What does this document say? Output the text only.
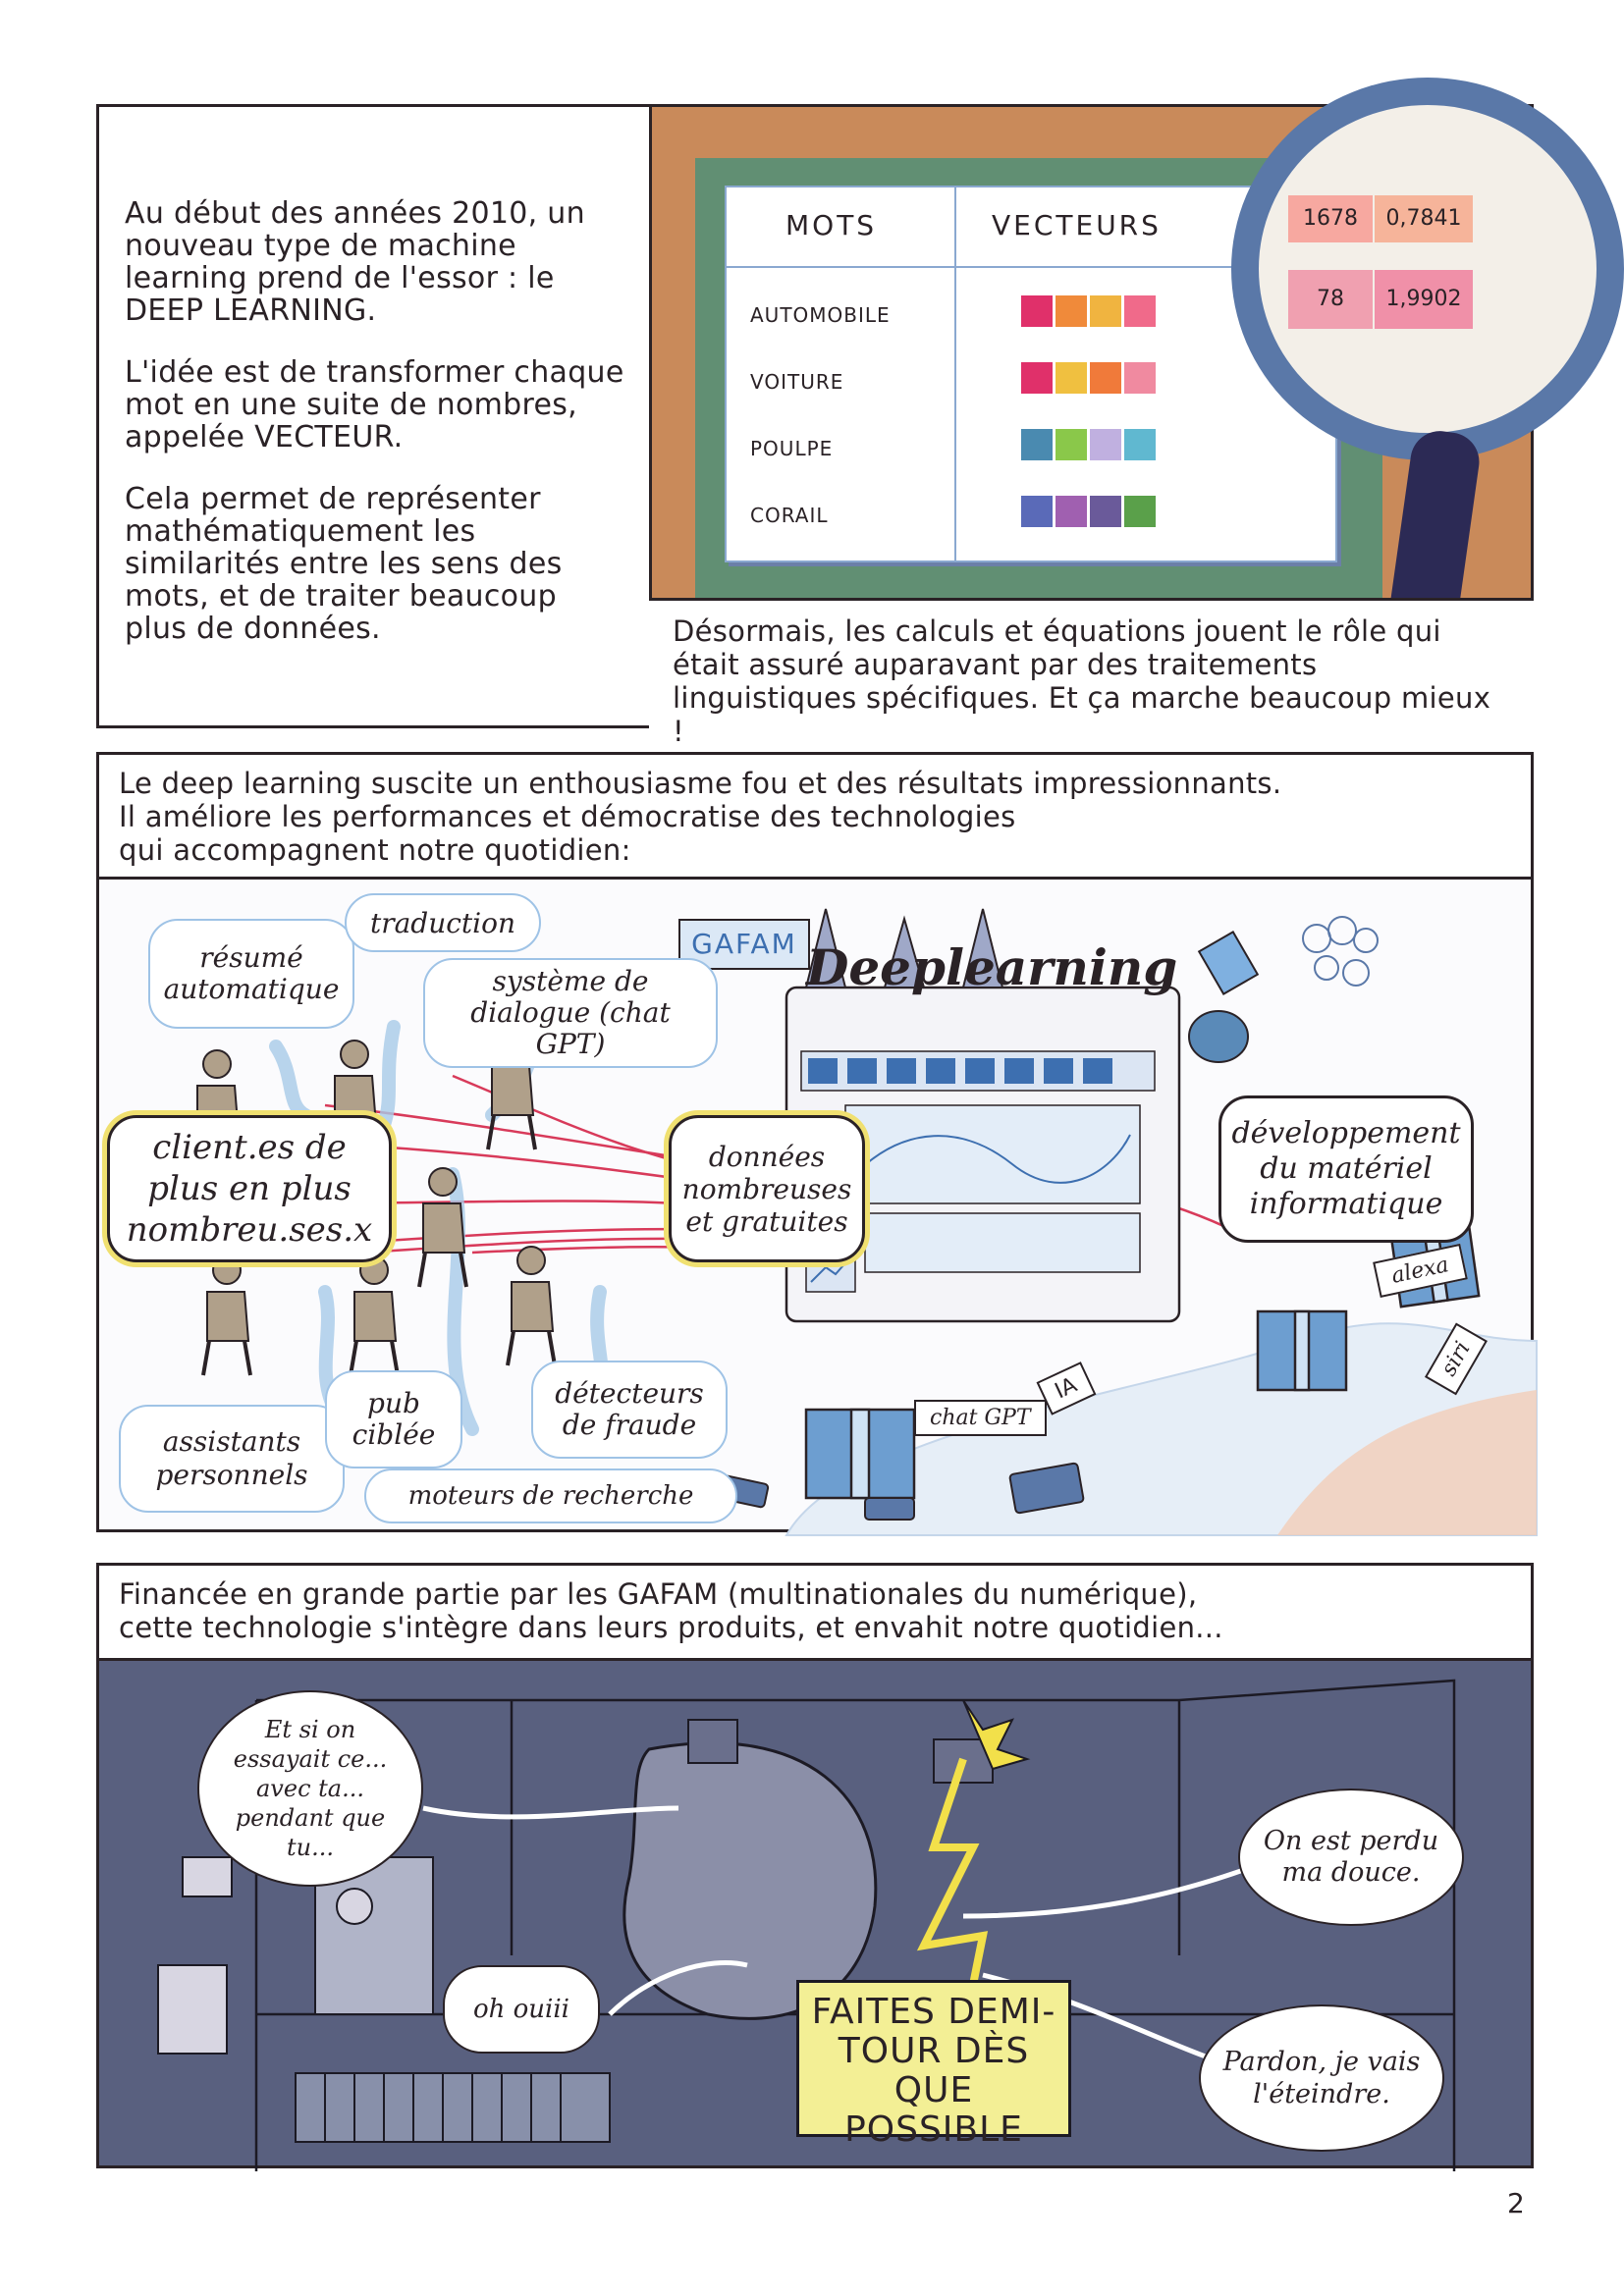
Au début des années 2010, un nouveau type de machine learning prend de l'essor : le DEEP LEARNING.

L'idée est de transformer chaque mot en une suite de nombres, appelée VECTEUR.

Cela permet de représenter mathématiquement les similarités entre les sens des mots, et de traiter beaucoup plus de données.

MOTS	VECTEURS
AUTOMOBILE
VOITURE
POULPE
CORAIL
1678	0,7841
78	1,9902
Désormais, les calculs et équations jouent le rôle qui était assuré auparavant par des traitements linguistiques spécifiques. Et ça marche beaucoup mieux !
Le deep learning suscite un enthousiasme fou et des résultats impressionnants.
Il améliore les performances et démocratise des technologies
qui accompagnent notre quotidien:
GAFAM Deeplearning
résumé automatique
traduction
système de dialogue (chat GPT)
client.es de plus en plus nombreu.ses.x
données nombreuses et gratuites
développement du matériel informatique
assistants personnels
pub ciblée
détecteurs de fraude
moteurs de recherche
alexa
siri
IA
chat GPT
Financée en grande partie par les GAFAM (multinationales du numérique),
cette technologie s'intègre dans leurs produits, et envahit notre quotidien...
Et si on essayait ce... avec ta... pendant que tu...
oh ouiii
On est perdu ma douce.
Pardon, je vais l'éteindre.
FAITES DEMI-TOUR DÈS QUE POSSIBLE
2
